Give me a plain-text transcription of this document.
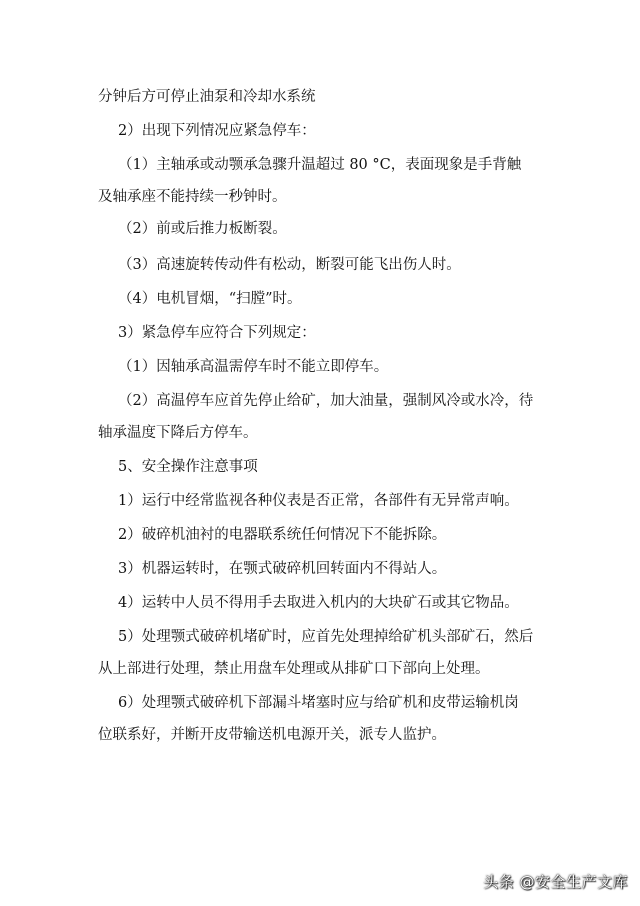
分钟后方可停止油泵和冷却水系统

2）出现下列情况应紧急停车：

（1）主轴承或动颚承急骤升温超过 80 °C，表面现象是手背触

及轴承座不能持续一秒钟时。

（2）前或后推力板断裂。

（3）高速旋转传动件有松动，断裂可能飞出伤人时。

（4）电机冒烟，“扫膛”时。

3）紧急停车应符合下列规定：

（1）因轴承高温需停车时不能立即停车。

（2）高温停车应首先停止给矿，加大油量，强制风冷或水冷，待

轴承温度下降后方停车。

5、安全操作注意事项

1）运行中经常监视各种仪表是否正常，各部件有无异常声响。

2）破碎机油衬的电器联系统任何情况下不能拆除。

3）机器运转时，在颚式破碎机回转面内不得站人。

4）运转中人员不得用手去取进入机内的大块矿石或其它物品。

5）处理颚式破碎机堵矿时，应首先处理掉给矿机头部矿石，然后

从上部进行处理，禁止用盘车处理或从排矿口下部向上处理。

6）处理颚式破碎机下部漏斗堵塞时应与给矿机和皮带运输机岗

位联系好，并断开皮带输送机电源开关，派专人监护。

头条 @安全生产文库
